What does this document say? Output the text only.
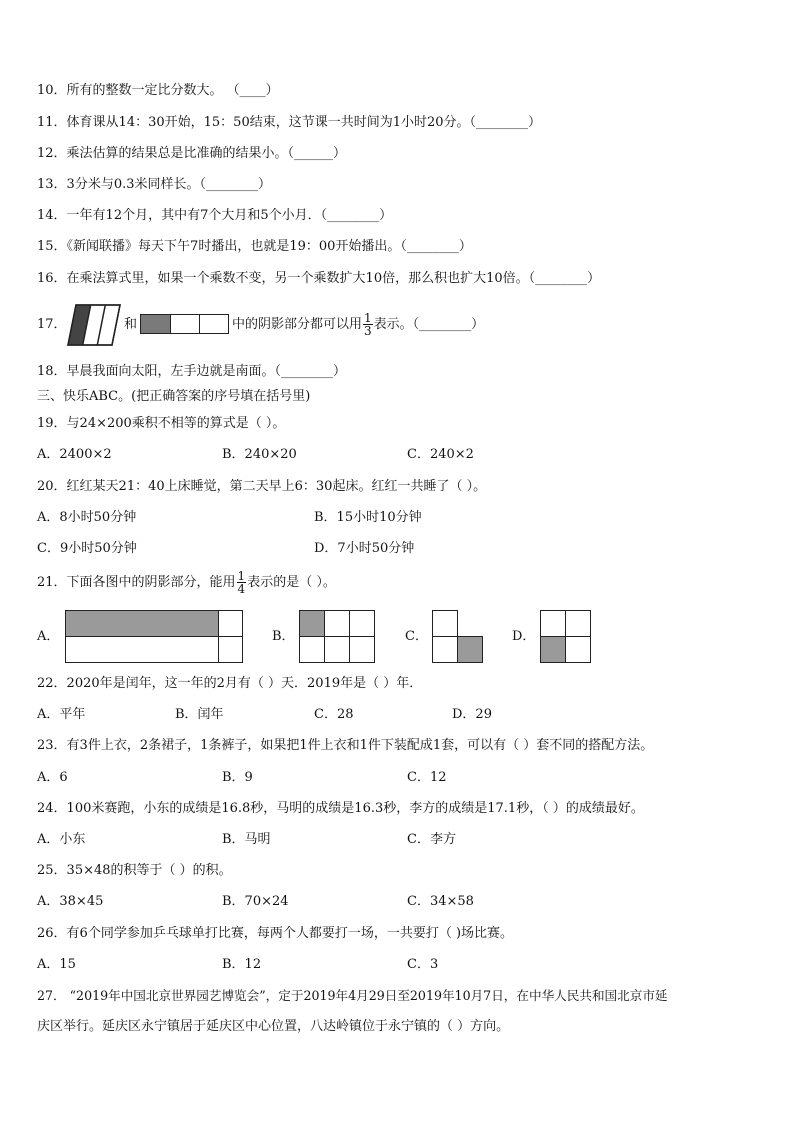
10．所有的整数一定比分数大。 （____）
11．体育课从14：30开始，15：50结束，这节课一共时间为1小时20分。（________）
12．乘法估算的结果总是比准确的结果小。（______）
13．3分米与0.3米同样长。（________）
14．一年有12个月，其中有7个大月和5个小月．（________）
15．《新闻联播》每天下午7时播出，也就是19：00开始播出。（________）
16．在乘法算式里，如果一个乘数不变，另一个乘数扩大10倍，那么积也扩大10倍。（________）
17．	和	中的阴影部分都可以用 $\frac{1}{3}$ 表示。（________）
18．早晨我面向太阳，左手边就是南面。（________）
三、快乐ABC。(把正确答案的序号填在括号里)
19．与24×200乘积不相等的算式是（ ）。
A．2400×2	B．240×20	C．240×2
20．红红某天21：40上床睡觉，第二天早上6：30起床。红红一共睡了（ ）。
A．8小时50分钟	B．15小时10分钟
C．9小时50分钟	D．7小时50分钟
21．下面各图中的阴影部分，能用 $\frac{1}{4}$ 表示的是（ ）。
A．	B．	C．	D．
22．2020年是闰年，这一年的2月有（ ）天．2019年是（ ）年．
A．平年	B．闰年	C．28	D．29
23．有3件上衣，2条裙子，1条裤子，如果把1件上衣和1件下装配成1套，可以有（ ）套不同的搭配方法。
A．6	B．9	C．12
24．100米赛跑，小东的成绩是16.8秒，马明的成绩是16.3秒，李方的成绩是17.1秒，（ ）的成绩最好。
A．小东	B．马明	C．李方
25．35×48的积等于（ ）的积。
A．38×45	B．70×24	C．34×58
26．有6个同学参加乒乓球单打比赛，每两个人都要打一场，一共要打（ )场比赛。
A．15	B．12	C．3
27． “2019年中国北京世界园艺博览会”，定于2019年4月29日至2019年10月7日，在中华人民共和国北京市延
庆区举行。延庆区永宁镇居于延庆区中心位置，八达岭镇位于永宁镇的（ ）方向。
